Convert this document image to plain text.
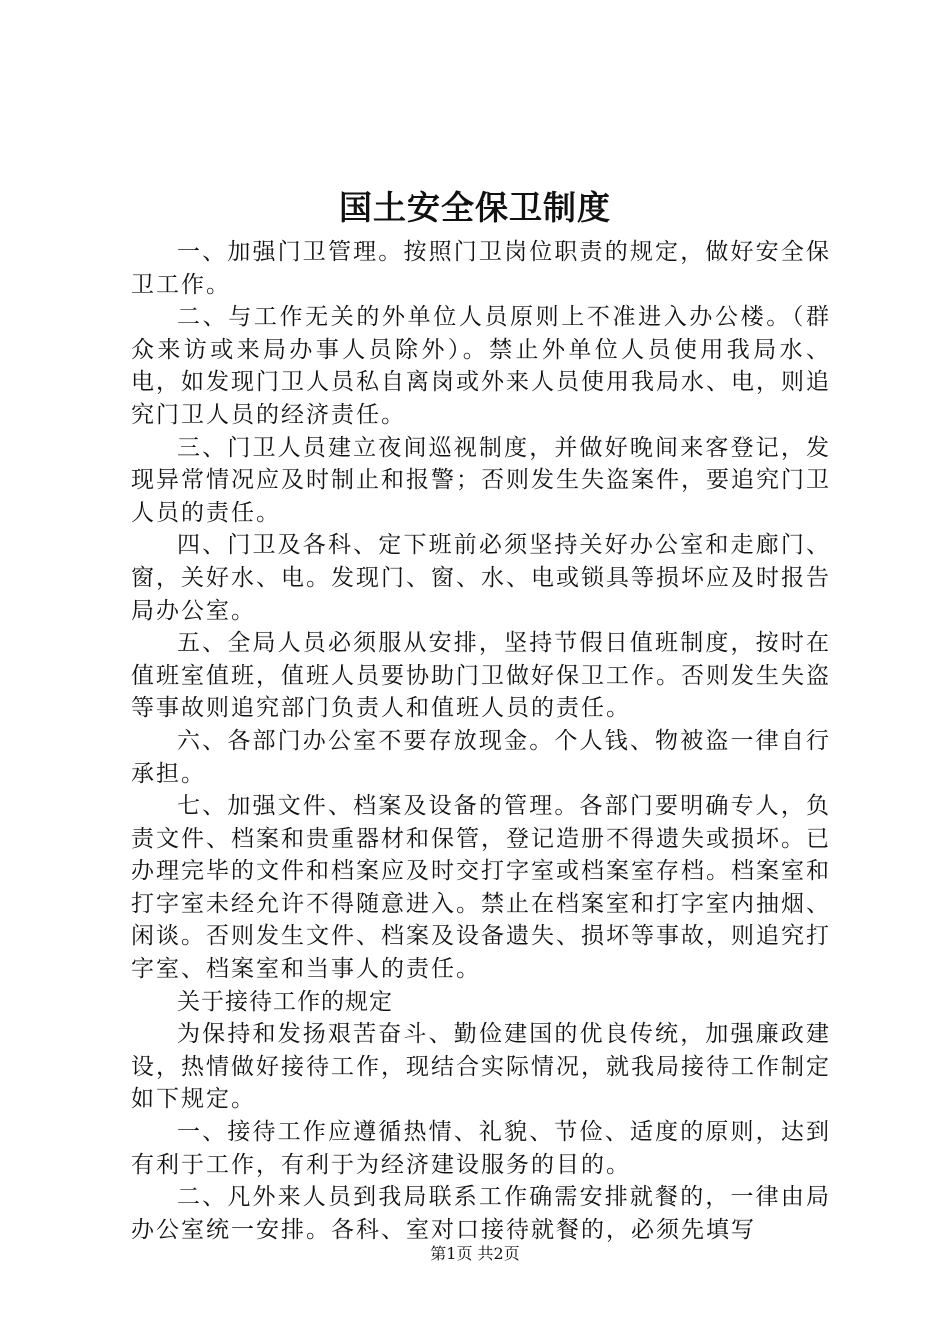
国土安全保卫制度

一、加强门卫管理。按照门卫岗位职责的规定，做好安全保卫工作。

二、与工作无关的外单位人员原则上不准进入办公楼。（群众来访或来局办事人员除外）。禁止外单位人员使用我局水、电，如发现门卫人员私自离岗或外来人员使用我局水、电，则追究门卫人员的经济责任。

三、门卫人员建立夜间巡视制度，并做好晚间来客登记，发现异常情况应及时制止和报警；否则发生失盗案件，要追究门卫人员的责任。

四、门卫及各科、定下班前必须坚持关好办公室和走廊门、窗，关好水、电。发现门、窗、水、电或锁具等损坏应及时报告局办公室。

五、全局人员必须服从安排，坚持节假日值班制度，按时在值班室值班，值班人员要协助门卫做好保卫工作。否则发生失盗等事故则追究部门负责人和值班人员的责任。

六、各部门办公室不要存放现金。个人钱、物被盗一律自行承担。

七、加强文件、档案及设备的管理。各部门要明确专人，负责文件、档案和贵重器材和保管，登记造册不得遗失或损坏。已办理完毕的文件和档案应及时交打字室或档案室存档。档案室和打字室未经允许不得随意进入。禁止在档案室和打字室内抽烟、闲谈。否则发生文件、档案及设备遗失、损坏等事故，则追究打字室、档案室和当事人的责任。

关于接待工作的规定

为保持和发扬艰苦奋斗、勤俭建国的优良传统，加强廉政建设，热情做好接待工作，现结合实际情况，就我局接待工作制定如下规定。

一、接待工作应遵循热情、礼貌、节俭、适度的原则，达到有利于工作，有利于为经济建设服务的目的。

二、凡外来人员到我局联系工作确需安排就餐的，一律由局办公室统一安排。各科、室对口接待就餐的，必须先填写

第1页 共2页
